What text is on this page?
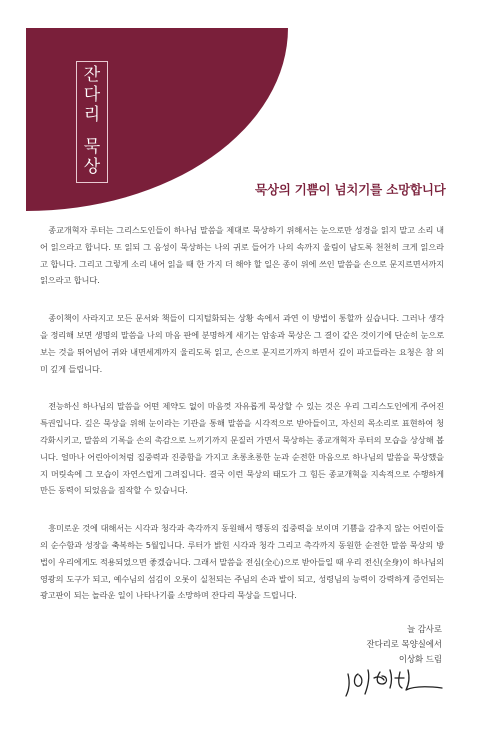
잔
다
리
묵
상
묵상의 기쁨이 넘치기를 소망합니다

종교개혁자 루터는 그리스도인들이 하나님 말씀을 제대로 묵상하기 위해서는 눈으로만 성경을 읽지 말고 소리 내어 읽으라고 합니다. 또 읽되 그 음성이 묵상하는 나의 귀로 들어가 나의 속까지 울림이 남도록 천천히 크게 읽으라고 합니다. 그리고 그렇게 소리 내어 읽을 때 한 가지 더 해야 할 일은 종이 위에 쓰인 말씀을 손으로 문지르면서까지 읽으라고 합니다.

종이책이 사라지고 모든 문서와 책들이 디지털화되는 상황 속에서 과연 이 방법이 통할까 싶습니다. 그러나 생각을 정리해 보면 생명의 말씀을 나의 마음 판에 분명하게 새기는 암송과 묵상은 그 결이 같은 것이기에 단순히 눈으로 보는 것을 뛰어넘어 귀와 내면세계까지 울리도록 읽고, 손으로 문지르기까지 하면서 깊이 파고들라는 요청은 참 의미 깊게 들립니다.

전능하신 하나님의 말씀을 어떤 제약도 없이 마음껏 자유롭게 묵상할 수 있는 것은 우리 그리스도인에게 주어진 특권입니다. 깊은 묵상을 위해 눈이라는 기관을 통해 말씀을 시각적으로 받아들이고, 자신의 목소리로 표현하여 청각화시키고, 말씀의 기록을 손의 촉감으로 느끼기까지 문질러 가면서 묵상하는 종교개혁자 루터의 모습을 상상해 봅니다. 얼마나 어린아이처럼 집중력과 진중함을 가지고 초롱초롱한 눈과 순전한 마음으로 하나님의 말씀을 묵상했을지 머릿속에 그 모습이 자연스럽게 그려집니다. 결국 이런 묵상의 태도가 그 힘든 종교개혁을 지속적으로 수행하게 만든 동력이 되었음을 짐작할 수 있습니다.

흥미로운 것에 대해서는 시각과 청각과 촉각까지 동원해서 행동의 집중력을 보이며 기쁨을 감추지 않는 어린이들의 순수함과 성장을 축복하는 5월입니다. 루터가 밝힌 시각과 청각 그리고 촉각까지 동원한 순전한 말씀 묵상의 방법이 우리에게도 적용되었으면 좋겠습니다. 그래서 말씀을 전심(全心)으로 받아들일 때 우리 전신(全身)이 하나님의 영광의 도구가 되고, 예수님의 섬김이 오롯이 실천되는 주님의 손과 발이 되고, 성령님의 능력이 강력하게 증언되는 광고판이 되는 놀라운 일이 나타나기를 소망하며 잔다리 묵상을 드립니다.

늘 감사로
잔다리로 목양실에서
이상화 드림
